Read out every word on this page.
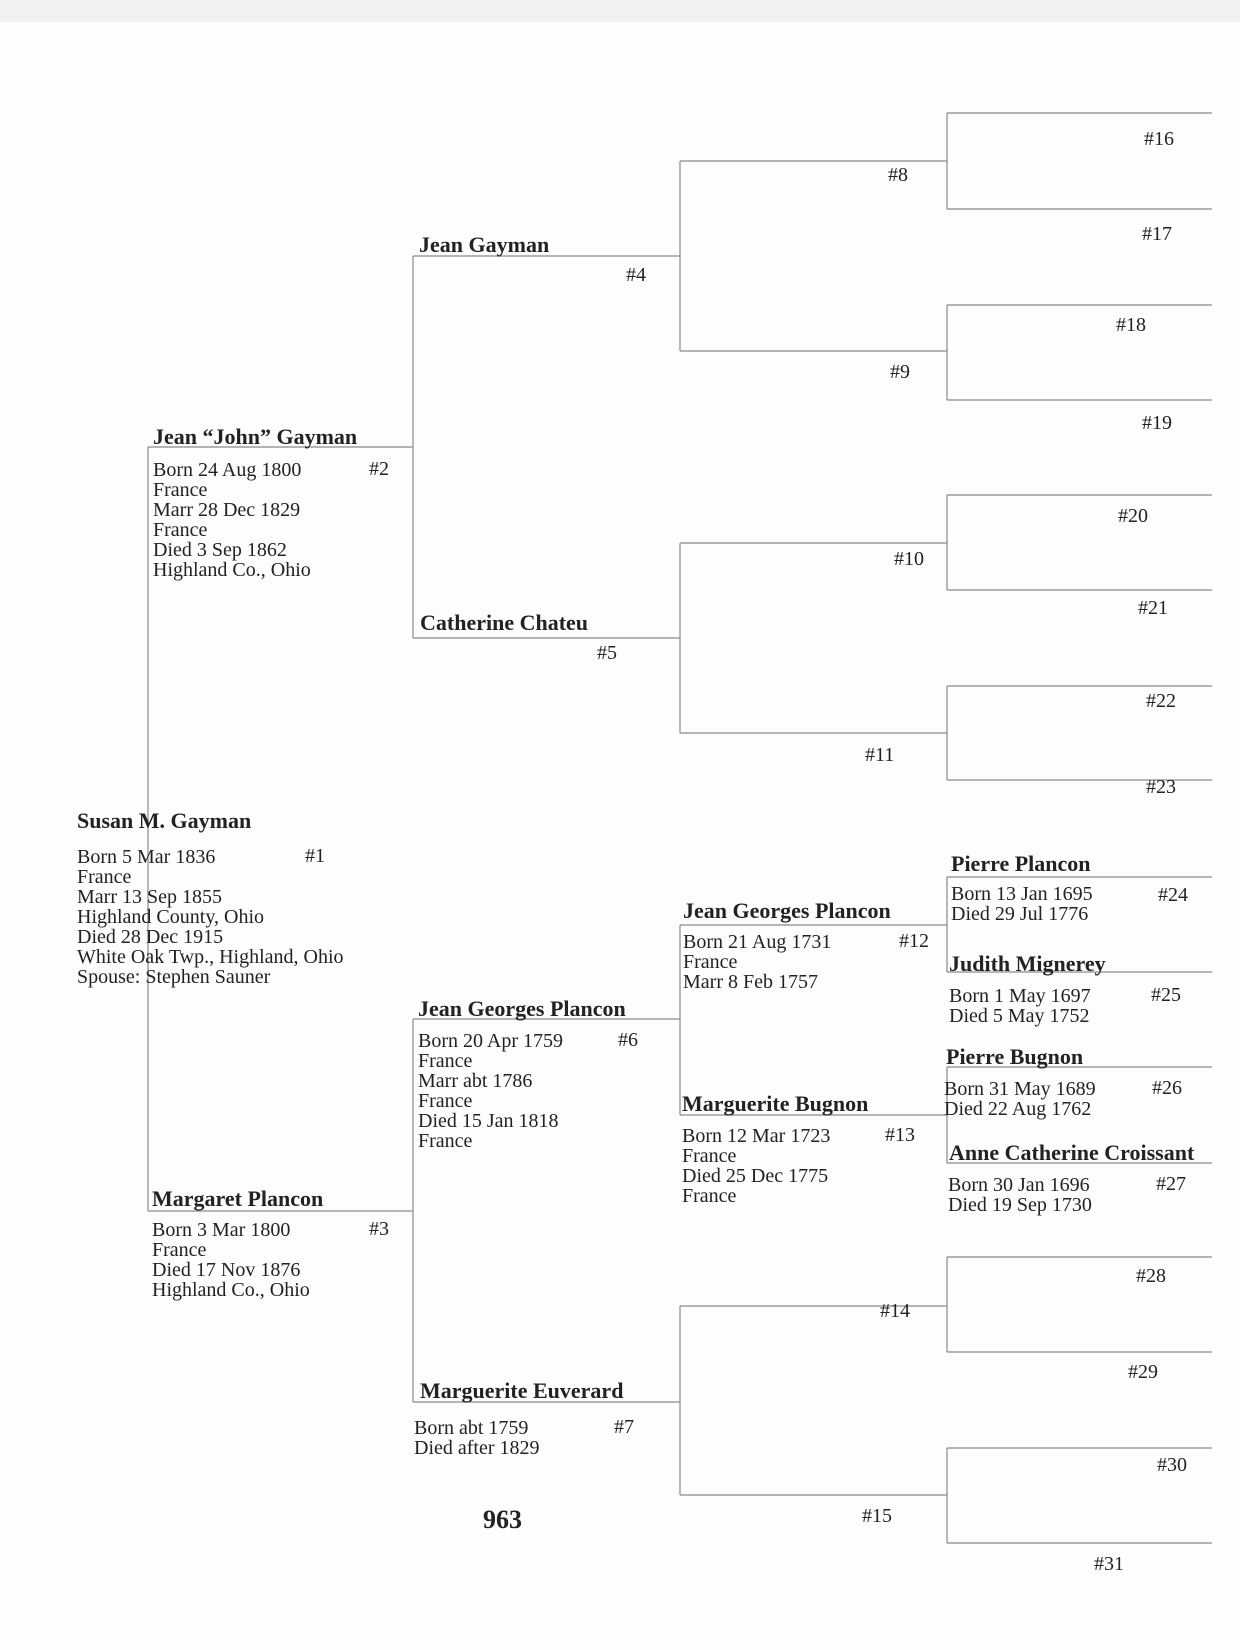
Susan M. Gayman
#1
Born 5 Mar 1836
France
Marr 13 Sep 1855
Highland County, Ohio
Died 28 Dec 1915
White Oak Twp., Highland, Ohio
Spouse: Stephen Sauner
Jean “John” Gayman
#2
Born 24 Aug 1800
France
Marr 28 Dec 1829
France
Died 3 Sep 1862
Highland Co., Ohio
Margaret Plancon
#3
Born 3 Mar 1800
France
Died 17 Nov 1876
Highland Co., Ohio
Jean Gayman
#4
Catherine Chateu
#5
Jean Georges Plancon
#6
Born 20 Apr 1759
France
Marr abt 1786
France
Died 15 Jan 1818
France
Marguerite Euverard
#7
Born abt 1759
Died after 1829
#8
#9
#10
#11
Jean Georges Plancon
#12
Born 21 Aug 1731
France
Marr 8 Feb 1757
Marguerite Bugnon
#13
Born 12 Mar 1723
France
Died 25 Dec 1775
France
#14
#15
#16
#17
#18
#19
#20
#21
#22
#23
Pierre Plancon
#24
Born 13 Jan 1695
Died 29 Jul 1776
Judith Mignerey
#25
Born 1 May 1697
Died 5 May 1752
Pierre Bugnon
#26
Born 31 May 1689
Died 22 Aug 1762
Anne Catherine Croissant
#27
Born 30 Jan 1696
Died 19 Sep 1730
#28
#29
#30
#31
963
